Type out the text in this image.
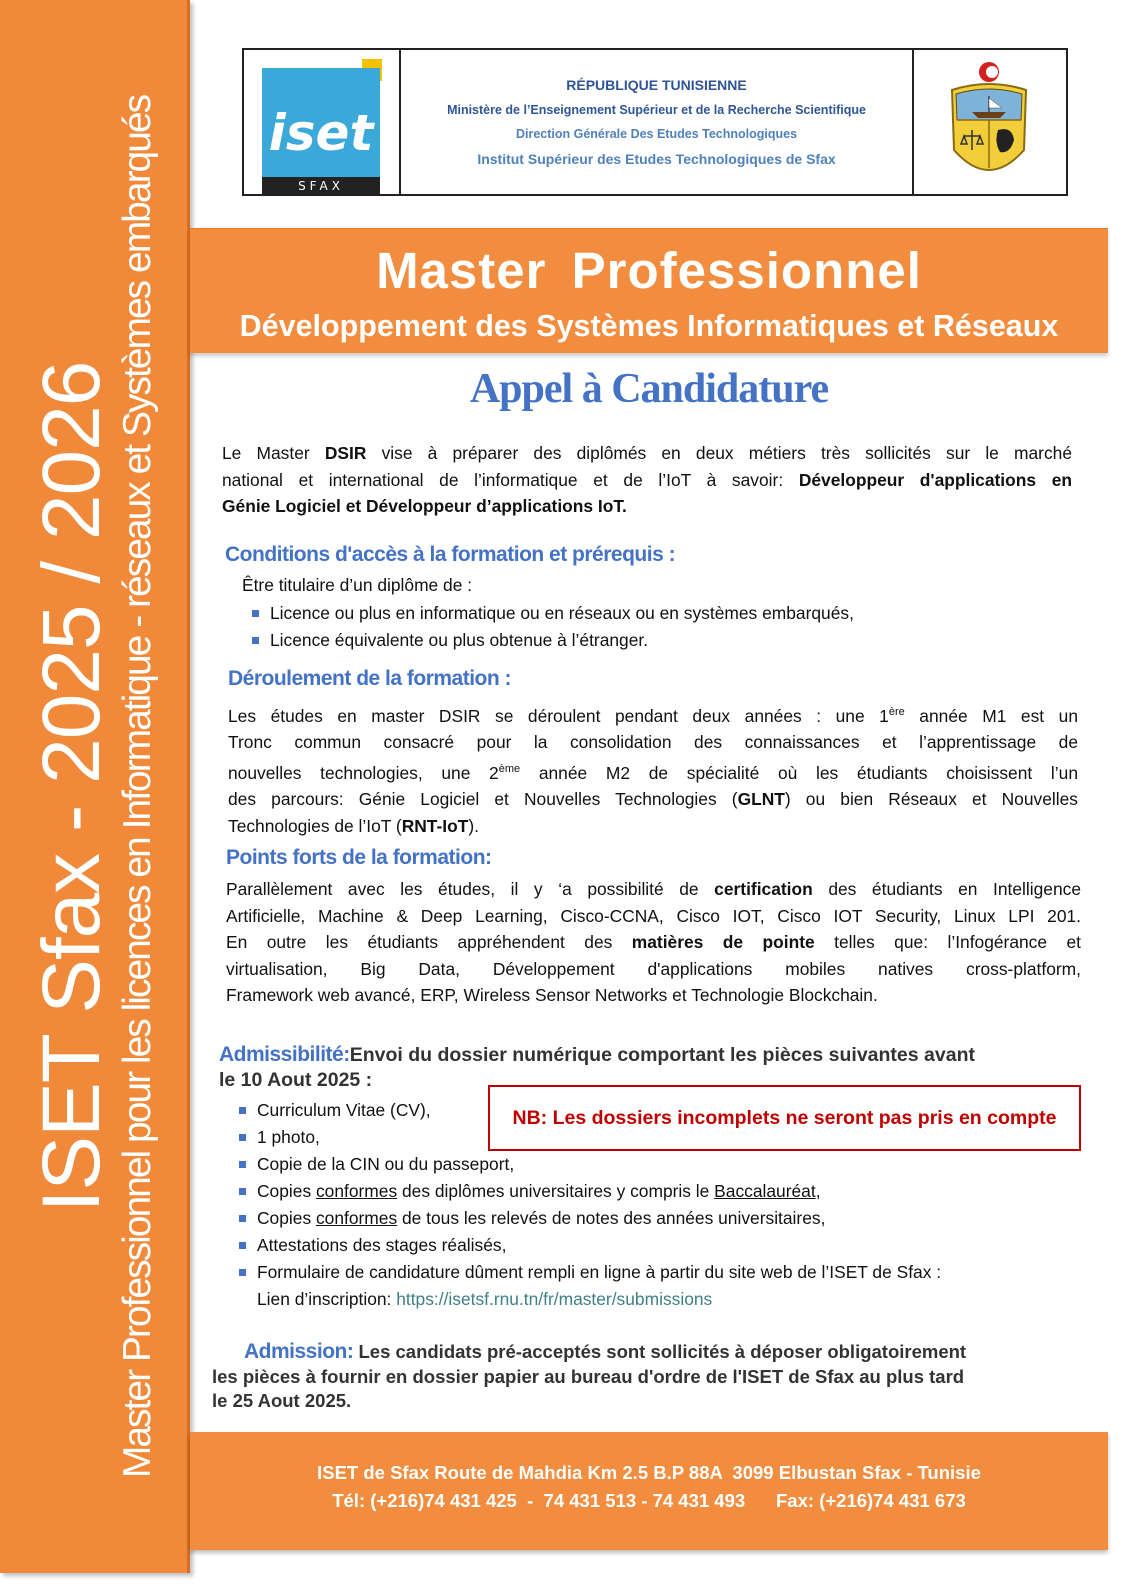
ISET Sfax - 2025 / 2026 Master Professionnel pour les licences en Informatique - réseaux et Systèmes embarqués iset
SFAX
RÉPUBLIQUE TUNISIENNE
Ministère de l’Enseignement Supérieur et de la Recherche Scientifique
Direction Générale Des Etudes Technologiques
Institut Supérieur des Etudes Technologiques de Sfax
Master Professionnel
Développement des Systèmes Informatiques et Réseaux
Appel à Candidature
Le Master DSIR vise à préparer des diplômés en deux métiers très sollicités sur le marché
national et international de l’informatique et de l’IoT à savoir: Développeur d'applications en
Génie Logiciel et Développeur d’applications IoT.
Conditions d'accès à la formation et prérequis :
Être titulaire d’un diplôme de :
Licence ou plus en informatique ou en réseaux ou en systèmes embarqués,
Licence équivalente ou plus obtenue à l’étranger.
Déroulement de la formation :
Les études en master DSIR se déroulent pendant deux années : une 1ère année M1 est un
Tronc commun consacré pour la consolidation des connaissances et l’apprentissage de
nouvelles technologies, une 2ème année M2 de spécialité où les étudiants choisissent l’un
des parcours: Génie Logiciel et Nouvelles Technologies (GLNT) ou bien Réseaux et Nouvelles
Technologies de l’IoT (RNT-IoT).
Points forts de la formation:
Parallèlement avec les études, il y ‘a possibilité de certification des étudiants en Intelligence
Artificielle, Machine & Deep Learning, Cisco-CCNA, Cisco IOT, Cisco IOT Security, Linux LPI 201.
En outre les étudiants appréhendent des matières de pointe telles que: l’Infogérance et
virtualisation, Big Data, Développement d'applications mobiles natives cross-platform,
Framework web avancé, ERP, Wireless Sensor Networks et Technologie Blockchain.
Admissibilité:Envoi du dossier numérique comportant les pièces suivantes avant
le 10 Aout 2025 :
Curriculum Vitae (CV),
1 photo,
Copie de la CIN ou du passeport,
Copies conformes des diplômes universitaires y compris le Baccalauréat,
Copies conformes de tous les relevés de notes des années universitaires,
Attestations des stages réalisés,
Formulaire de candidature dûment rempli en ligne à partir du site web de l’ISET de Sfax :
Lien d’inscription: https://isetsf.rnu.tn/fr/master/submissions
NB: Les dossiers incomplets ne seront pas pris en compte
Admission: Les candidats pré-acceptés sont sollicités à déposer obligatoirement
les pièces à fournir en dossier papier au bureau d'ordre de l'ISET de Sfax au plus tard
le 25 Aout 2025.
ISET de Sfax Route de Mahdia Km 2.5 B.P 88A  3099 Elbustan Sfax - Tunisie
Tél: (+216)74 431 425  -  74 431 513 - 74 431 493      Fax: (+216)74 431 673
